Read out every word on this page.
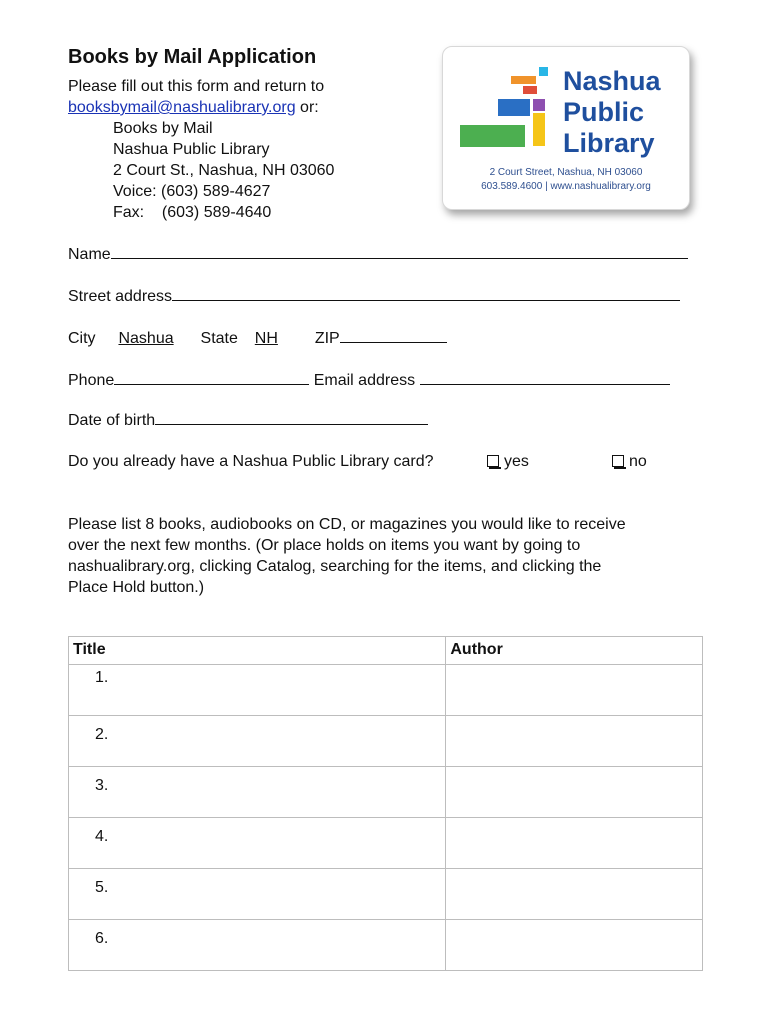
Books by Mail Application
Please fill out this form and return to
booksbymail@nashualibrary.org or:
Books by Mail
Nashua Public Library
2 Court St., Nashua, NH 03060
Voice: (603) 589-4627
Fax:    (603) 589-4640
Nashua
Public
Library
2 Court Street, Nashua, NH 03060
603.589.4600 | www.nashualibrary.org
Name
Street address
City Nashua State NH ZIP
Phone	Email address
Date of birth
Do you already have a Nashua Public Library card?	yes	no
Please list 8 books, audiobooks on CD, or magazines you would like to receive
over the next few months. (Or place holds on items you want by going to
nashualibrary.org, clicking Catalog, searching for the items, and clicking the
Place Hold button.)
Title	Author

1.	

2.	

3.	

4.	

5.	

6.	
